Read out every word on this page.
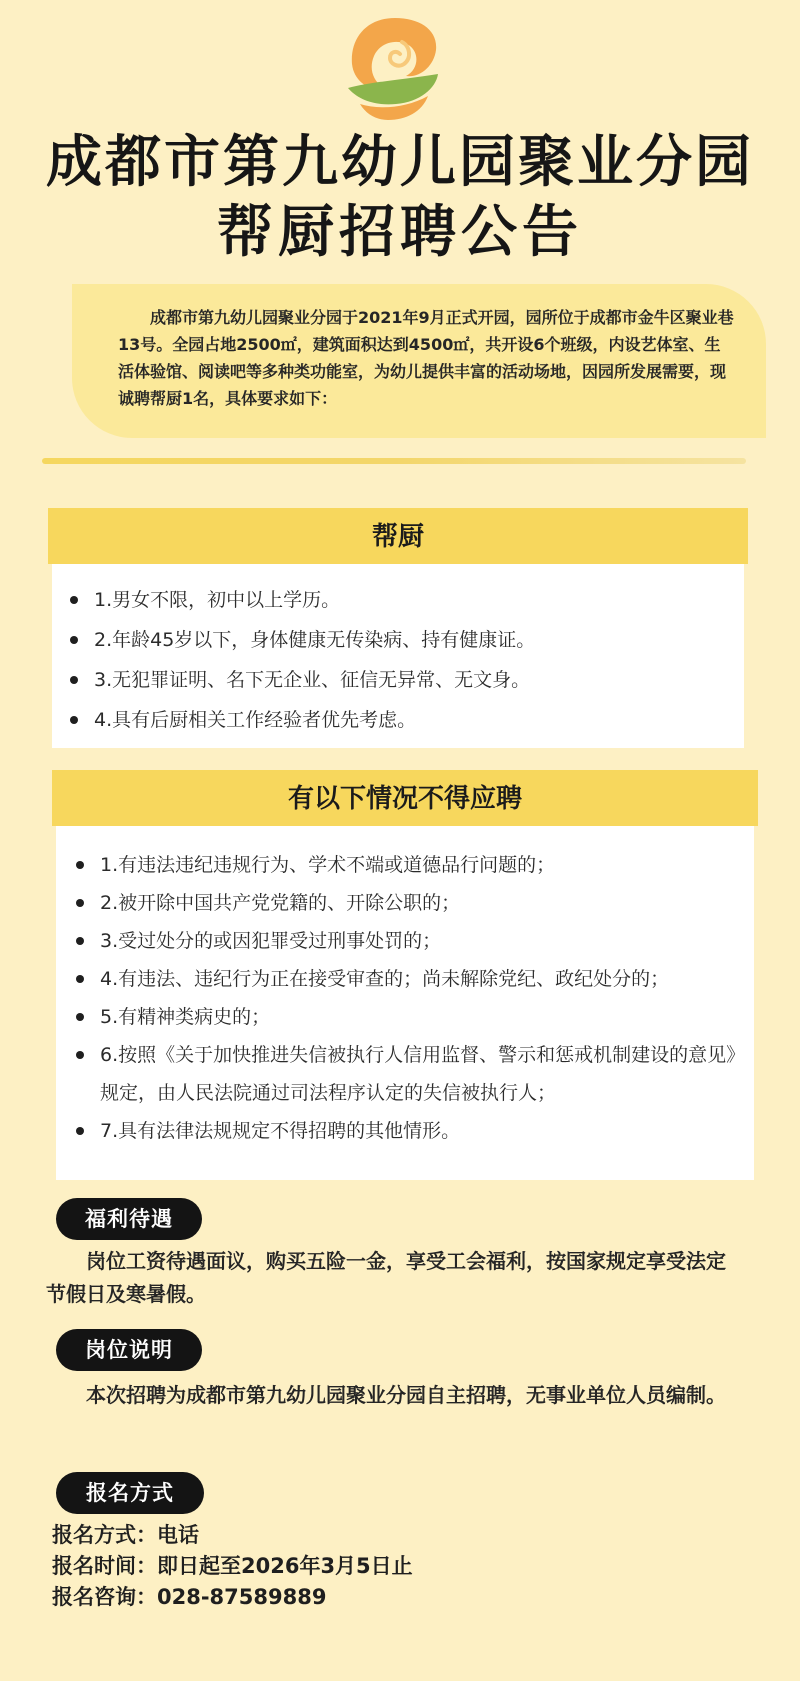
成都市第九幼儿园聚业分园
帮厨招聘公告

成都市第九幼儿园聚业分园于2021年9月正式开园，园所位于成都市金牛区聚业巷13号。全园占地2500㎡，建筑面积达到4500㎡，共开设6个班级，内设艺体室、生活体验馆、阅读吧等多种类功能室，为幼儿提供丰富的活动场地，因园所发展需要，现诚聘帮厨1名，具体要求如下：

帮厨
1.男女不限，初中以上学历。
2.年龄45岁以下，身体健康无传染病、持有健康证。
3.无犯罪证明、名下无企业、征信无异常、无文身。
4.具有后厨相关工作经验者优先考虑。
有以下情况不得应聘
1.有违法违纪违规行为、学术不端或道德品行问题的；
2.被开除中国共产党党籍的、开除公职的；
3.受过处分的或因犯罪受过刑事处罚的；
4.有违法、违纪行为正在接受审查的；尚未解除党纪、政纪处分的；
5.有精神类病史的；
6.按照《关于加快推进失信被执行人信用监督、警示和惩戒机制建设的意见》规定，由人民法院通过司法程序认定的失信被执行人；
7.具有法律法规规定不得招聘的其他情形。
福利待遇

岗位工资待遇面议，购买五险一金，享受工会福利，按国家规定享受法定节假日及寒暑假。

岗位说明

本次招聘为成都市第九幼儿园聚业分园自主招聘，无事业单位人员编制。

报名方式
报名方式：电话
报名时间：即日起至2026年3月5日止
报名咨询：028-87589889
